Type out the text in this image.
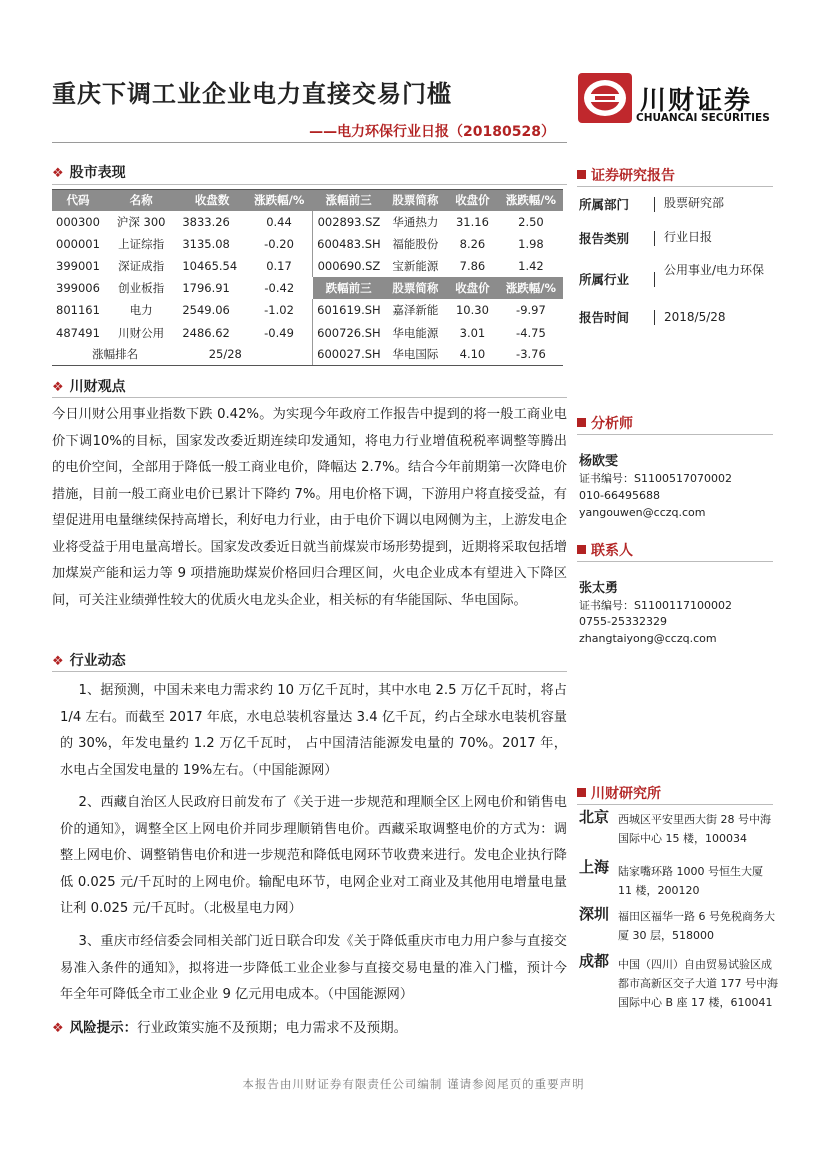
重庆下调工业企业电力直接交易门槛
——电力环保行业日报（20180528）
川财证券
CHUANCAI SECURITIES
❖ 股市表现
代码	名称	收盘数	涨跌幅/%	涨幅前三	股票简称	收盘价	涨跌幅/%
000300	沪深 300	3833.26	0.44	002893.SZ	华通热力	31.16	2.50
000001	上证综指	3135.08	-0.20	600483.SH	福能股份	8.26	1.98
399001	深证成指	10465.54	0.17	000690.SZ	宝新能源	7.86	1.42
399006	创业板指	1796.91	-0.42	跌幅前三	股票简称	收盘价	涨跌幅/%
801161	电力	2549.06	-1.02	601619.SH	嘉泽新能	10.30	-9.97
487491	川财公用	2486.62	-0.49	600726.SH	华电能源	3.01	-4.75
涨幅排名		25/28		600027.SH	华电国际	4.10	-3.76
❖ 川财观点
今日川财公用事业指数下跌 0.42%。为实现今年政府工作报告中提到的将一般工商业电价下调10%的目标，国家发改委近期连续印发通知，将电力行业增值税税率调整等腾出的电价空间，全部用于降低一般工商业电价，降幅达 2.7%。结合今年前期第一次降电价措施，目前一般工商业电价已累计下降约 7%。用电价格下调，下游用户将直接受益，有望促进用电量继续保持高增长，利好电力行业，由于电价下调以电网侧为主，上游发电企业将受益于用电量高增长。国家发改委近日就当前煤炭市场形势提到，近期将采取包括增加煤炭产能和运力等 9 项措施助煤炭价格回归合理区间，火电企业成本有望进入下降区间，可关注业绩弹性较大的优质火电龙头企业，相关标的有华能国际、华电国际。
❖ 行业动态
1、据预测，中国未来电力需求约 10 万亿千瓦时，其中水电 2.5 万亿千瓦时，将占 1/4 左右。而截至 2017 年底，水电总装机容量达 3.4 亿千瓦，约占全球水电装机容量的 30%，年发电量约 1.2 万亿千瓦时， 占中国清洁能源发电量的 70%。2017 年，水电占全国发电量的 19%左右。（中国能源网）
2、西藏自治区人民政府日前发布了《关于进一步规范和理顺全区上网电价和销售电价的通知》，调整全区上网电价并同步理顺销售电价。西藏采取调整电价的方式为：调整上网电价、调整销售电价和进一步规范和降低电网环节收费来进行。发电企业执行降低 0.025 元/千瓦时的上网电价。输配电环节，电网企业对工商业及其他用电增量电量让利 0.025 元/千瓦时。（北极星电力网）
3、重庆市经信委会同相关部门近日联合印发《关于降低重庆市电力用户参与直接交易准入条件的通知》，拟将进一步降低工业企业参与直接交易电量的准入门槛，预计今年全年可降低全市工业企业 9 亿元用电成本。（中国能源网）
❖ 风险提示：行业政策实施不及预期；电力需求不及预期。
证券研究报告
所属部门	股票研究部
报告类别	行业日报
所属行业
公用事业/电力环保
报告时间	2018/5/28
分析师
杨欧雯
证书编号：S1100517070002
010-66495688
yangouwen@cczq.com
联系人
张太勇
证书编号：S1100117100002
0755-25332329
zhangtaiyong@cczq.com
川财研究所
北京 西城区平安里西大街 28 号中海国际中心 15 楼，100034
上海 陆家嘴环路 1000 号恒生大厦 11 楼，200120
深圳 福田区福华一路 6 号免税商务大厦 30 层，518000
成都 中国（四川）自由贸易试验区成都市高新区交子大道 177 号中海国际中心 B 座 17 楼，610041
本报告由川财证券有限责任公司编制 谨请参阅尾页的重要声明
